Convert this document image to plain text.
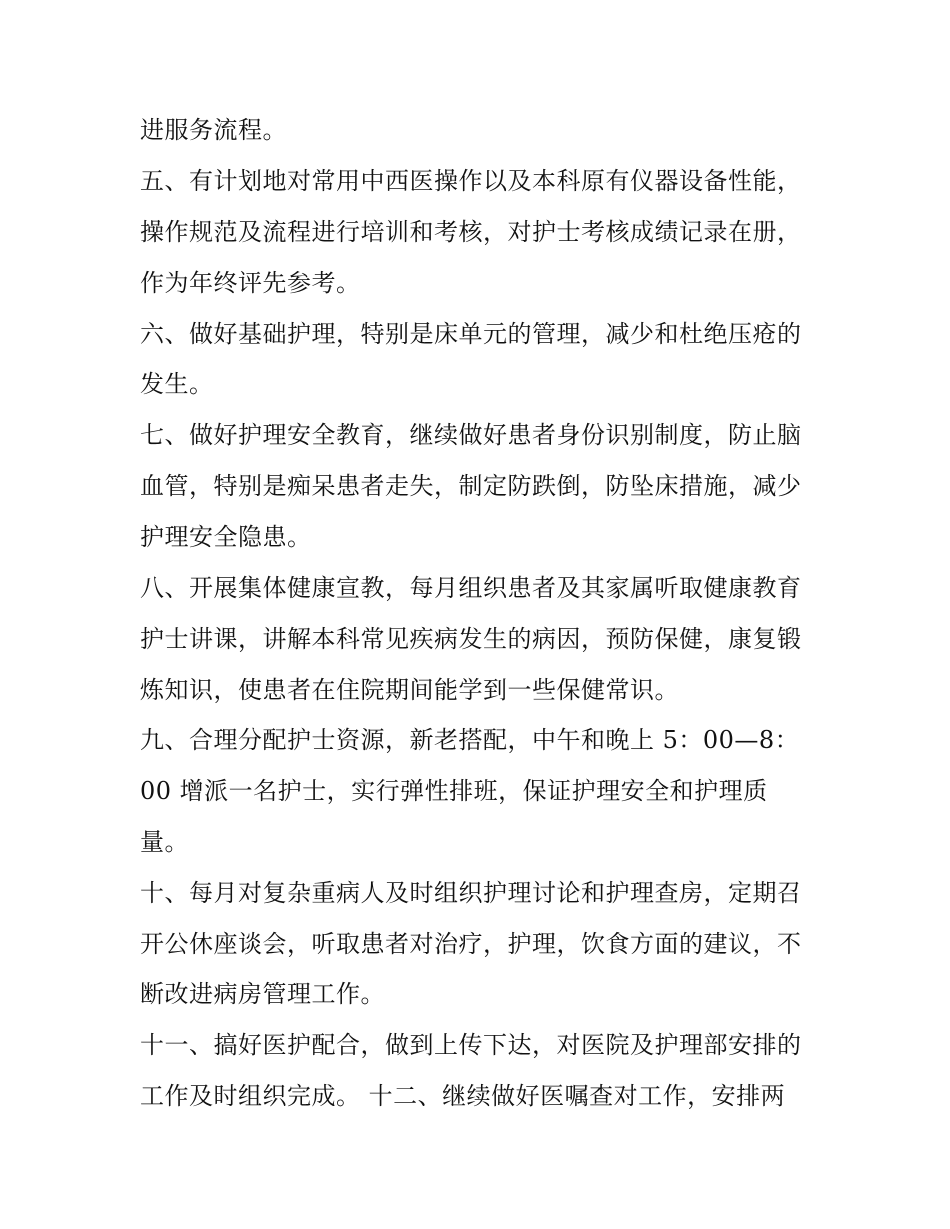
进服务流程。
五、有计划地对常用中西医操作以及本科原有仪器设备性能，
操作规范及流程进行培训和考核，对护士考核成绩记录在册，
作为年终评先参考。
六、做好基础护理，特别是床单元的管理，减少和杜绝压疮的
发生。
七、做好护理安全教育，继续做好患者身份识别制度，防止脑
血管，特别是痴呆患者走失，制定防跌倒，防坠床措施，减少
护理安全隐患。
八、开展集体健康宣教，每月组织患者及其家属听取健康教育
护士讲课，讲解本科常见疾病发生的病因，预防保健，康复锻
炼知识，使患者在住院期间能学到一些保健常识。
九、合理分配护士资源，新老搭配，中午和晚上 5：00—8：
00 增派一名护士，实行弹性排班，保证护理安全和护理质
量。
十、每月对复杂重病人及时组织护理讨论和护理查房，定期召
开公休座谈会，听取患者对治疗，护理，饮食方面的建议，不
断改进病房管理工作。
十一、搞好医护配合，做到上传下达，对医院及护理部安排的
工作及时组织完成。 十二、继续做好医嘱查对工作，安排两
